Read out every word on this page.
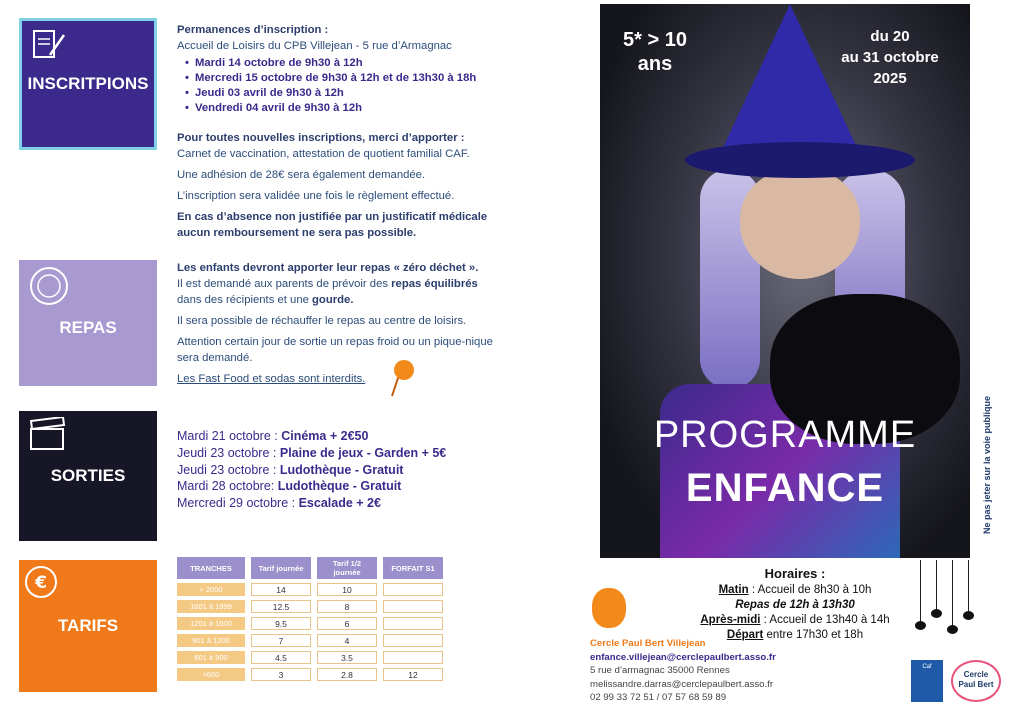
INSCRITPIONS
REPAS
SORTIES
€
TARIFS
Permanences d’inscription :
Accueil de Loisirs du CPB Villejean - 5 rue d’Armagnac
• Mardi 14 octobre de 9h30 à 12h
• Mercredi 15 octobre de 9h30 à 12h et de 13h30 à 18h
• Jeudi 03 avril de 9h30 à 12h
• Vendredi 04 avril de 9h30 à 12h
Pour toutes nouvelles inscriptions, merci d’apporter :

Carnet de vaccination, attestation de quotient familial CAF.

Une adhésion de 28€ sera également demandée.

L’inscription sera validée une fois le règlement effectué.

En cas d’absence non justifiée par un justificatif médicale aucun remboursement ne sera pas possible.

Les enfants devront apporter leur repas « zéro déchet ».

Il est demandé aux parents de prévoir des repas équilibrés dans des récipients et une gourde.

Il sera possible de réchauffer le repas au centre de loisirs.

Attention certain jour de sortie un repas froid ou un pique-nique sera demandé.

Les Fast Food et sodas sont interdits.

Mardi 21 octobre : Cinéma + 2€50
Jeudi 23 octobre : Plaine de jeux - Garden + 5€
Jeudi 23 octobre : Ludothèque - Gratuit
Mardi 28 octobre: Ludothèque - Gratuit
Mercredi 29 octobre : Escalade + 2€
TRANCHES	Tarif journée	Tarif 1/2 journée	FORFAIT S1
> 2000	14	10	
1601 à 1999	12.5	8	
1201 à 1600	9.5	6	
901 à 1200	7	4	
601 à 900	4.5	3.5	
<600	3	2.8	12
5* > 10
ans
du 20
au 31 octobre
2025
PROGRAMME
ENFANCE	Ne pas jeter sur la voie publique
Horaires :
Matin : Accueil de 8h30 à 10h
Repas de 12h à 13h30
Après-midi : Accueil de 13h40 à 14h
Départ entre 17h30 et 18h
Cercle Paul Bert Villejean
enfance.villejean@cerclepaulbert.asso.fr
5 rue d’armagnac 35000 Rennes
melissandre.darras@cerclepaulbert.asso.fr
02 99 33 72 51 / 07 57 68 59 89
Caf
Cercle
Paul Bert
